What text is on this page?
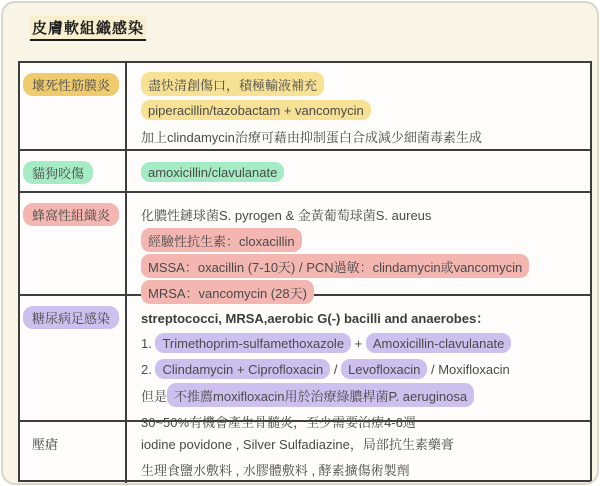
皮膚軟組織感染
壞死性筋膜炎	盡快清創傷口，積極輸液補充
piperacillin/tazobactam + vancomycin
加上clindamycin治療可藉由抑制蛋白合成減少細菌毒素生成
貓狗咬傷	amoxicillin/clavulanate
蜂窩性組織炎	化膿性鏈球菌S. pyrogen & 金黃葡萄球菌S. aureus
經驗性抗生素：cloxacillin
MSSA：oxacillin (7-10天) / PCN過敏：clindamycin或vancomycin
MRSA：vancomycin (28天)
糖尿病足感染	streptococci, MRSA,aerobic G(-) bacilli and anaerobes：
1. Trimethoprim-sulfamethoxazole + Amoxicillin-clavulanate
2. Clindamycin + Ciprofloxacin / Levofloxacin / Moxifloxacin
但是 不推薦moxifloxacin用於治療綠膿桿菌P. aeruginosa
30~50%有機會產生骨髓炎，至少需要治療4-6週
壓瘡	iodine povidone , Silver Sulfadiazine，局部抗生素藥膏
生理食鹽水敷料 , 水膠體敷料 , 酵素擴傷術製劑
